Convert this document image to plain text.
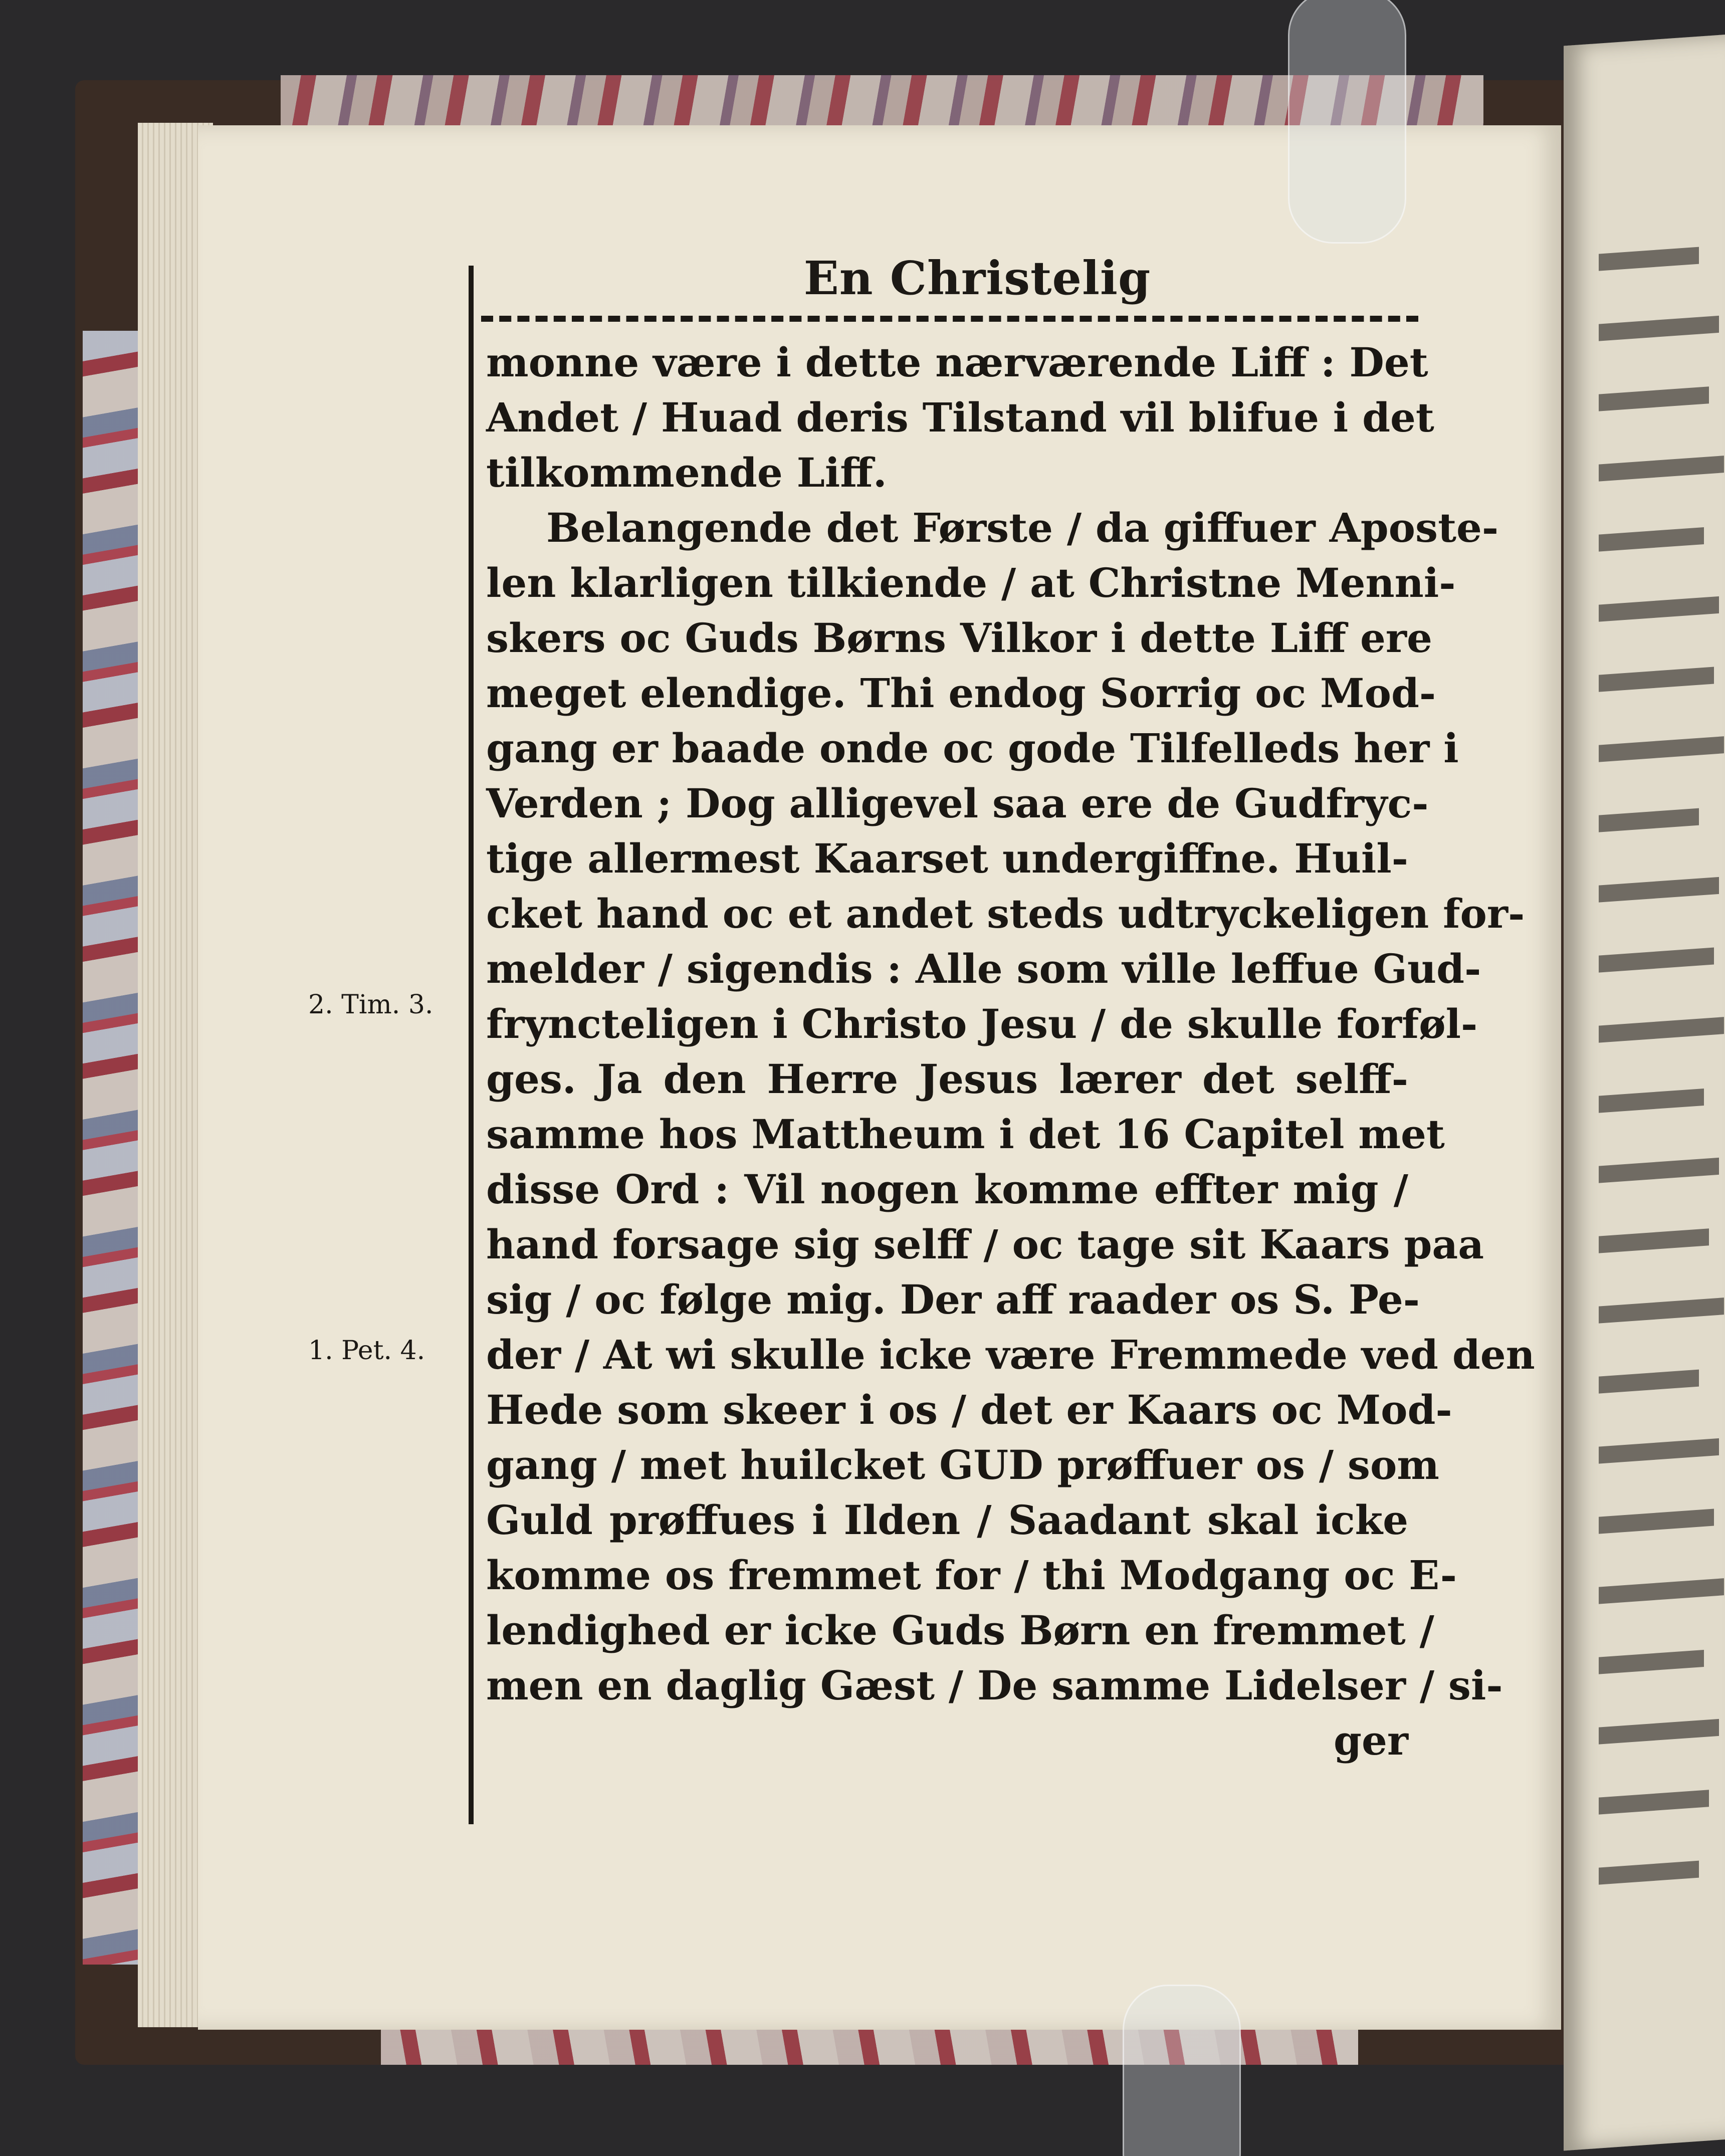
En Christelig
2. Tim. 3.
1. Pet. 4.
monne være i dette nærværende Liff : Det
Andet / Huad deris Tilstand vil blifue i det
tilkommende Liff.
Belangende det Første / da giffuer Aposte-
len klarligen tilkiende / at Christne Menni-
skers oc Guds Børns Vilkor i dette Liff ere
meget elendige. Thi endog Sorrig oc Mod-
gang er baade onde oc gode Tilfelleds her i
Verden ; Dog alligevel saa ere de Gudfryc-
tige allermest Kaarset undergiffne. Huil-
cket hand oc et andet steds udtryckeligen for-
melder / sigendis : Alle som ville leffue Gud-
fryncteligen i Christo Jesu / de skulle forføl-
ges. Ja den Herre Jesus lærer det selff-
samme hos Mattheum i det 16 Capitel met
disse Ord : Vil nogen komme effter mig /
hand forsage sig selff / oc tage sit Kaars paa
sig / oc følge mig. Der aff raader os S. Pe-
der / At wi skulle icke være Fremmede ved den
Hede som skeer i os / det er Kaars oc Mod-
gang / met huilcket GUD prøffuer os / som
Guld prøffues i Ilden / Saadant skal icke
komme os fremmet for / thi Modgang oc E-
lendighed er icke Guds Børn en fremmet /
men en daglig Gæst / De samme Lidelser / si-
ger
